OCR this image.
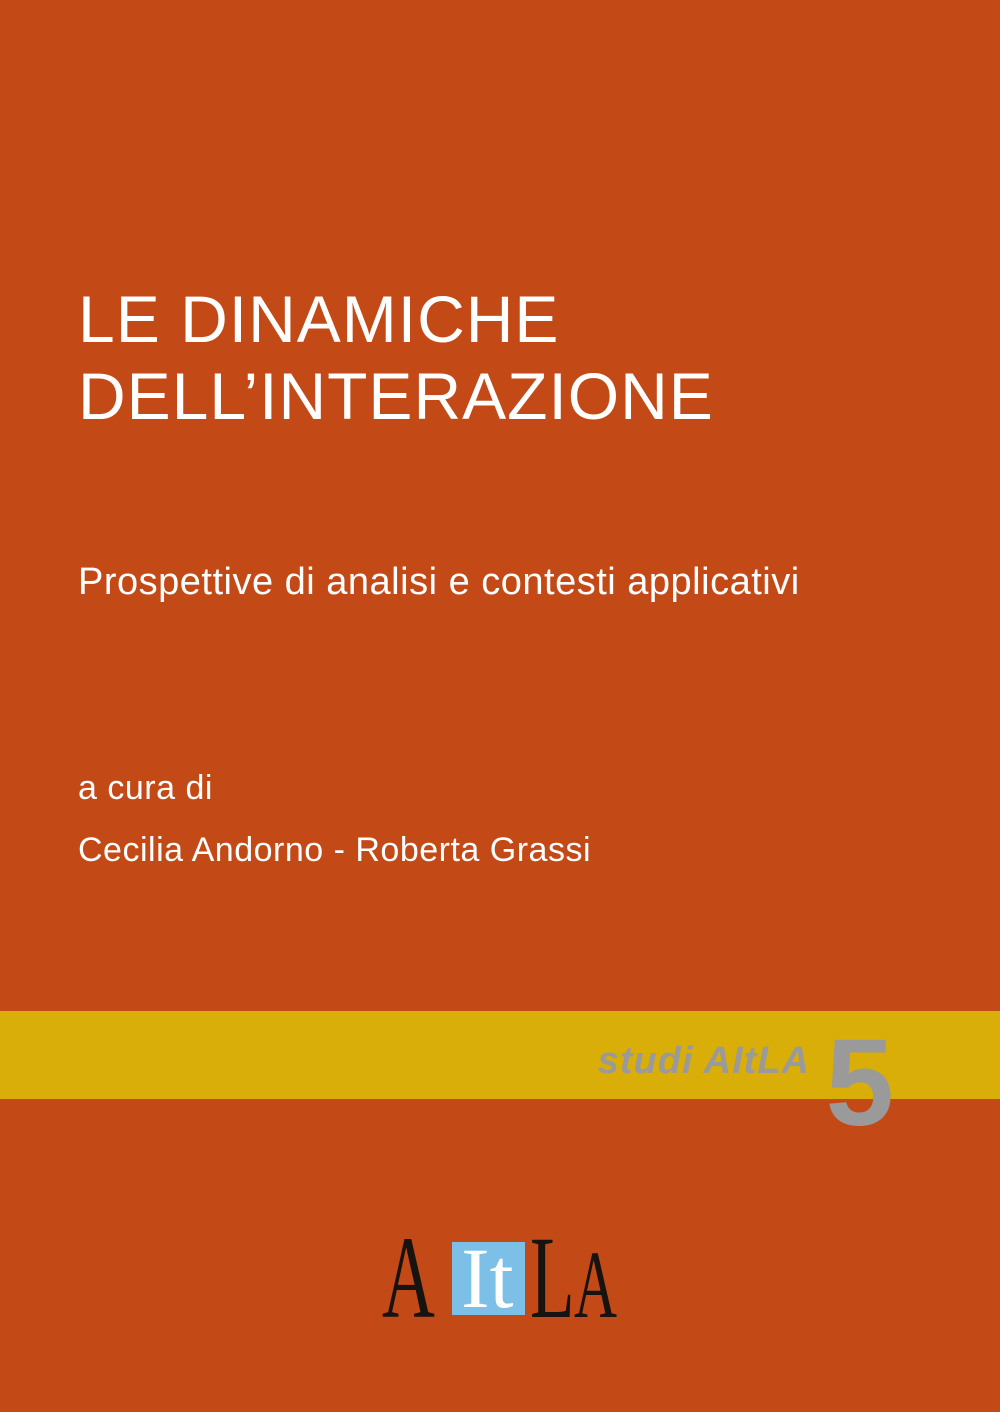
LE DINAMICHE
DELL’INTERAZIONE
Prospettive di analisi e contesti applicativi
a cura di
Cecilia Andorno - Roberta Grassi
studi AItLA 5
A It L A
